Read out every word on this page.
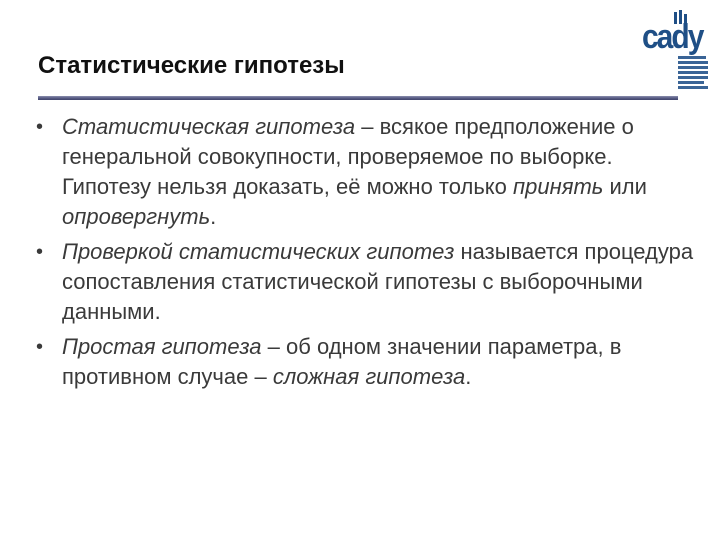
Статистические гипотезы
cady
• Статистическая гипотеза – всякое предположение о генеральной совокупности, проверяемое по выборке. Гипотезу нельзя доказать, её можно только принять или опровергнуть.
• Проверкой статистических гипотез называется процедура сопоставления статистической гипотезы с выборочными данными.
• Простая гипотеза – об одном значении параметра, в противном случае – сложная гипотеза.
